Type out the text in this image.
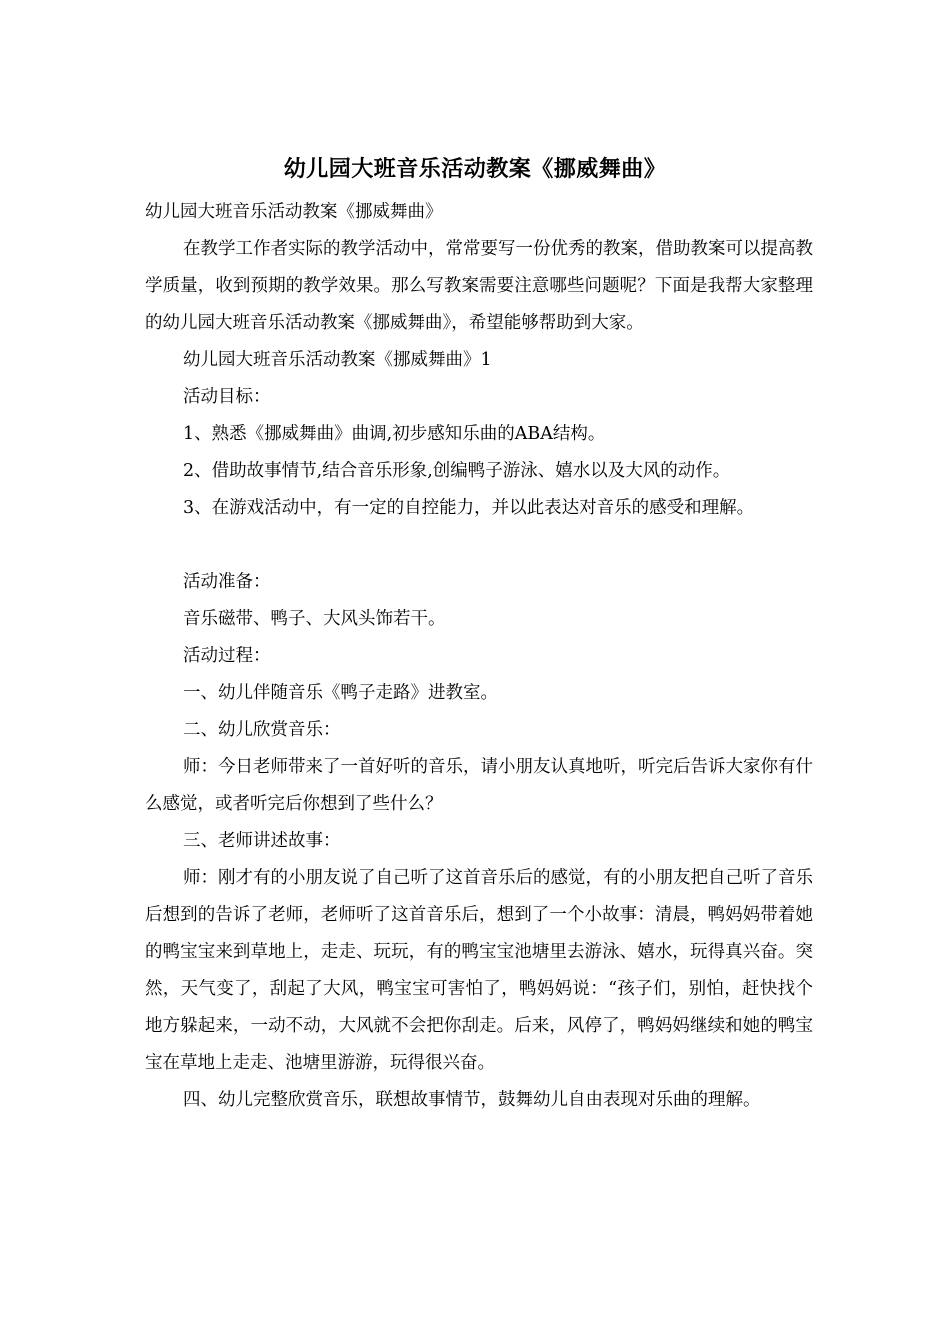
幼儿园大班音乐活动教案《挪威舞曲》

幼儿园大班音乐活动教案《挪威舞曲》

在教学工作者实际的教学活动中，常常要写一份优秀的教案，借助教案可以提高教学质量，收到预期的教学效果。那么写教案需要注意哪些问题呢？下面是我帮大家整理的幼儿园大班音乐活动教案《挪威舞曲》，希望能够帮助到大家。

幼儿园大班音乐活动教案《挪威舞曲》1

活动目标：

1、熟悉《挪威舞曲》曲调,初步感知乐曲的ABA结构。

2、借助故事情节,结合音乐形象,创编鸭子游泳、嬉水以及大风的动作。

3、在游戏活动中，有一定的自控能力，并以此表达对音乐的感受和理解。

活动准备：

音乐磁带、鸭子、大风头饰若干。

活动过程：

一、幼儿伴随音乐《鸭子走路》进教室。

二、幼儿欣赏音乐：

师：今日老师带来了一首好听的音乐，请小朋友认真地听，听完后告诉大家你有什么感觉，或者听完后你想到了些什么？

三、老师讲述故事：

师：刚才有的小朋友说了自己听了这首音乐后的感觉，有的小朋友把自己听了音乐后想到的告诉了老师，老师听了这首音乐后，想到了一个小故事：清晨，鸭妈妈带着她的鸭宝宝来到草地上，走走、玩玩，有的鸭宝宝池塘里去游泳、嬉水，玩得真兴奋。突然，天气变了，刮起了大风，鸭宝宝可害怕了，鸭妈妈说：“孩子们，别怕，赶快找个地方躲起来，一动不动，大风就不会把你刮走。后来，风停了，鸭妈妈继续和她的鸭宝宝在草地上走走、池塘里游游，玩得很兴奋。

四、幼儿完整欣赏音乐，联想故事情节，鼓舞幼儿自由表现对乐曲的理解。
